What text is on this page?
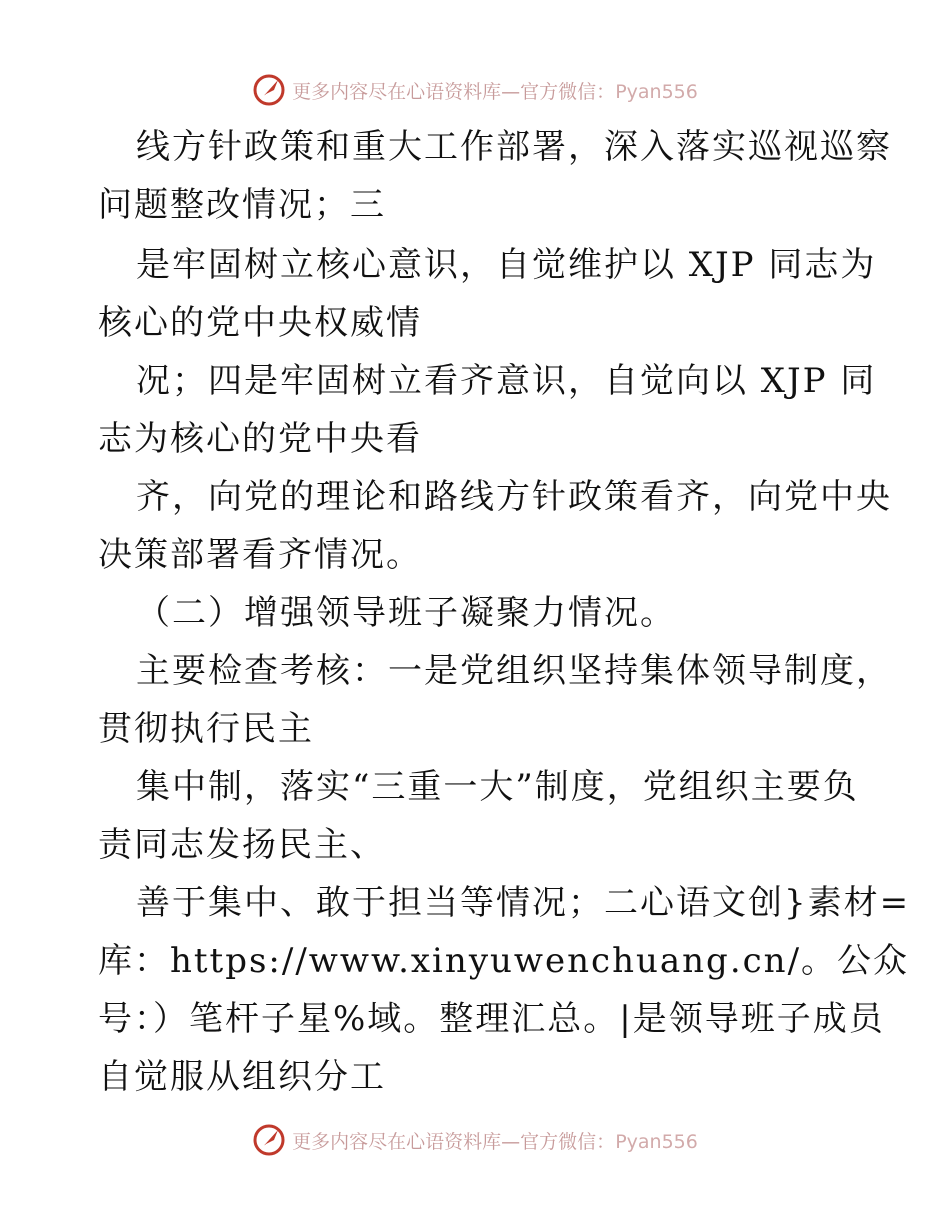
更多内容尽在心语资料库—官方微信：Pyan556
线方针政策和重大工作部署，深入落实巡视巡察
问题整改情况；三
是牢固树立核心意识，自觉维护以 XJP 同志为
核心的党中央权威情
况；四是牢固树立看齐意识，自觉向以 XJP 同
志为核心的党中央看
齐，向党的理论和路线方针政策看齐，向党中央
决策部署看齐情况。
（二）增强领导班子凝聚力情况。
主要检查考核：一是党组织坚持集体领导制度，
贯彻执行民主
集中制，落实“三重一大”制度，党组织主要负
责同志发扬民主、
善于集中、敢于担当等情况；二心语文创}素材=
库：https://www.xinyuwenchuang.cn/。公众
号：）笔杆子星%域。整理汇总。|是领导班子成员
自觉服从组织分工
更多内容尽在心语资料库—官方微信：Pyan556
